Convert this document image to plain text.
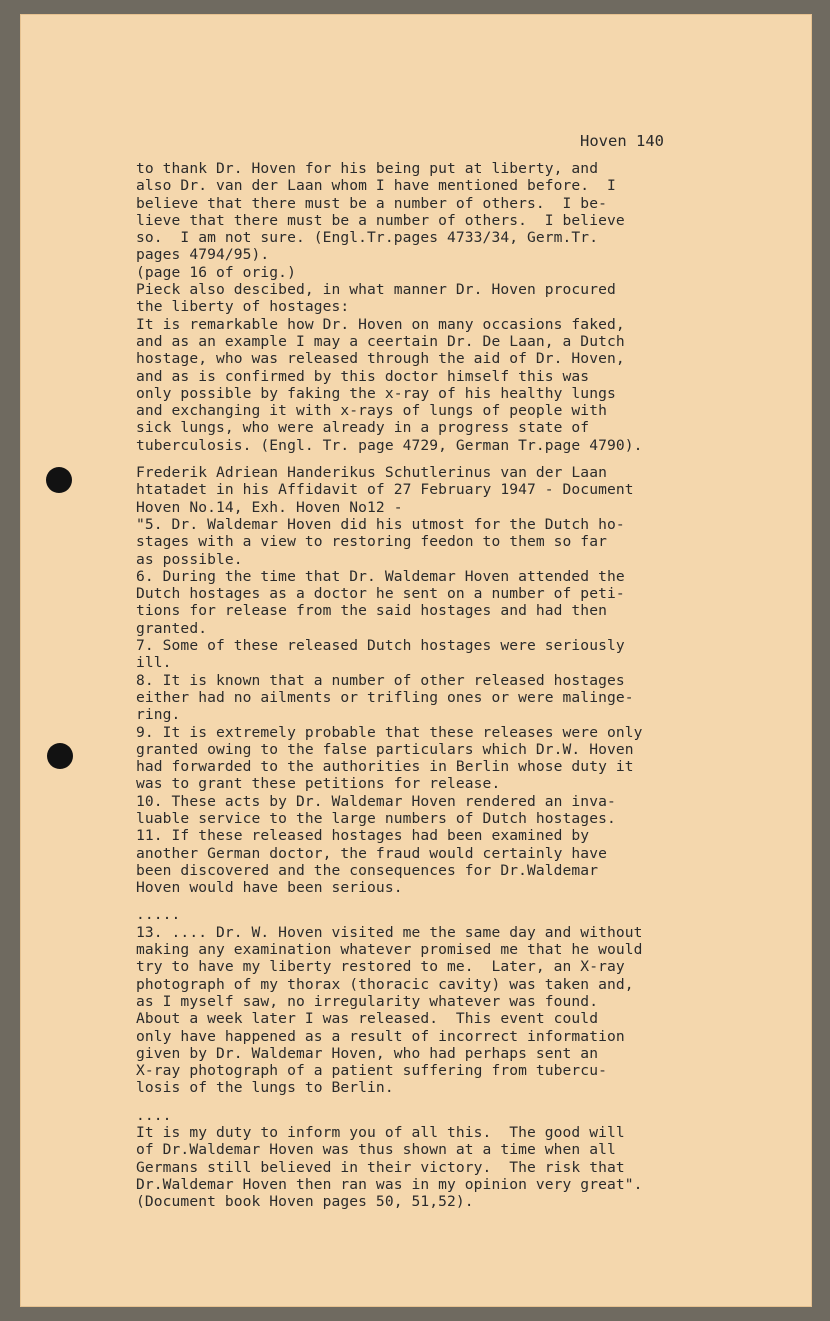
Hoven 140
to thank Dr. Hoven for his being put at liberty, and
also Dr. van der Laan whom I have mentioned before.  I
believe that there must be a number of others.  I be-
lieve that there must be a number of others.  I believe
so.  I am not sure. (Engl.Tr.pages 4733/34, Germ.Tr.
pages 4794/95).
(page 16 of orig.)
Pieck also descibed, in what manner Dr. Hoven procured
the liberty of hostages:
It is remarkable how Dr. Hoven on many occasions faked,
and as an example I may a ceertain Dr. De Laan, a Dutch
hostage, who was released through the aid of Dr. Hoven,
and as is confirmed by this doctor himself this was
only possible by faking the x-ray of his healthy lungs
and exchanging it with x-rays of lungs of people with
sick lungs, who were already in a progress state of
tuberculosis. (Engl. Tr. page 4729, German Tr.page 4790).
Frederik Adriean Handerikus Schutlerinus van der Laan
htatadet in his Affidavit of 27 February 1947 - Document
Hoven No.14, Exh. Hoven No12 -
"5. Dr. Waldemar Hoven did his utmost for the Dutch ho-
stages with a view to restoring feedon to them so far
as possible.
6. During the time that Dr. Waldemar Hoven attended the
Dutch hostages as a doctor he sent on a number of peti-
tions for release from the said hostages and had then
granted.
7. Some of these released Dutch hostages were seriously
ill.
8. It is known that a number of other released hostages
either had no ailments or trifling ones or were malinge-
ring.
9. It is extremely probable that these releases were only
granted owing to the false particulars which Dr.W. Hoven
had forwarded to the authorities in Berlin whose duty it
was to grant these petitions for release.
10. These acts by Dr. Waldemar Hoven rendered an inva-
luable service to the large numbers of Dutch hostages.
11. If these released hostages had been examined by
another German doctor, the fraud would certainly have
been discovered and the consequences for Dr.Waldemar
Hoven would have been serious.
.....
13. .... Dr. W. Hoven visited me the same day and without
making any examination whatever promised me that he would
try to have my liberty restored to me.  Later, an X-ray
photograph of my thorax (thoracic cavity) was taken and,
as I myself saw, no irregularity whatever was found.
About a week later I was released.  This event could
only have happened as a result of incorrect information
given by Dr. Waldemar Hoven, who had perhaps sent an
X-ray photograph of a patient suffering from tubercu-
losis of the lungs to Berlin.
....
It is my duty to inform you of all this.  The good will
of Dr.Waldemar Hoven was thus shown at a time when all
Germans still believed in their victory.  The risk that
Dr.Waldemar Hoven then ran was in my opinion very great".
(Document book Hoven pages 50, 51,52).
